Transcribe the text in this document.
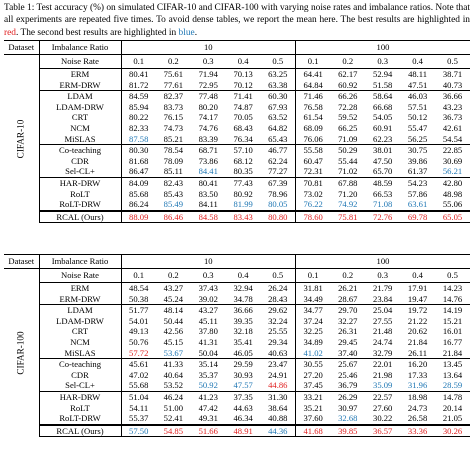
Table 1: Test accuracy (%) on simulated CIFAR-10 and CIFAR-100 with varying noise rates and imbalance ratios. Note that all experiments are repeated five times. To avoid dense tables, we report the mean here. The best results are highlighted in red. The second best results are highlighted in blue.
Dataset	Imbalance Ratio	10					100				

CIFAR-10	Noise Rate	0.1	0.2	0.3	0.4	0.5	0.1	0.2	0.3	0.4	0.5
	ERM	80.41	75.61	71.94	70.13	63.25	64.41	62.17	52.94	48.11	38.71
	ERM-DRW	81.72	77.61	72.95	70.12	63.38	64.84	60.92	51.58	47.51	40.73
	LDAM	84.59	82.37	77.48	71.41	60.30	71.46	66.26	58.64	46.03	36.66
	LDAM-DRW	85.94	83.73	80.20	74.87	67.93	76.58	72.28	66.68	57.51	43.23
	CRT	80.22	76.15	74.17	70.05	63.52	61.54	59.52	54.05	50.12	36.73
	NCM	82.33	74.73	74.76	68.43	64.82	68.09	66.25	60.91	55.47	42.61
	MiSLAS	87.58	85.21	83.39	76.34	65.43	76.06	71.09	62.23	56.25	54.54
	Co-teaching	80.30	78.54	68.71	57.10	46.77	55.58	50.29	38.01	30.75	22.85
	CDR	81.68	78.09	73.86	68.12	62.24	60.47	55.44	47.50	39.86	30.69
	Sel-CL+	86.47	85.11	84.41	80.35	77.27	72.31	71.02	65.70	61.37	56.21
	HAR-DRW	84.09	82.43	80.41	77.43	67.39	70.81	67.88	48.59	54.23	42.80
	RoLT	85.68	85.43	83.50	80.92	78.96	73.02	71.20	66.53	57.86	48.98
	RoLT-DRW	86.24	85.49	84.11	81.99	80.05	76.22	74.92	71.08	63.61	55.06
	RCAL (Ours)	88.09	86.46	84.58	83.43	80.80	78.60	75.81	72.76	69.78	65.05
Dataset	Imbalance Ratio	10					100				

CIFAR-100	Noise Rate	0.1	0.2	0.3	0.4	0.5	0.1	0.2	0.3	0.4	0.5
	ERM	48.54	43.27	37.43	32.94	26.24	31.81	26.21	21.79	17.91	14.23
	ERM-DRW	50.38	45.24	39.02	34.78	28.43	34.49	28.67	23.84	19.47	14.76
	LDAM	51.77	48.14	43.27	36.66	29.62	34.77	29.70	25.04	19.72	14.19
	LDAM-DRW	54.01	50.44	45.11	39.35	32.24	37.24	32.27	27.55	21.22	15.21
	CRT	49.13	42.56	37.80	32.18	25.55	32.25	26.31	21.48	20.62	16.01
	NCM	50.76	45.15	41.31	35.41	29.34	34.89	29.45	24.74	21.84	16.77
	MiSLAS	57.72	53.67	50.04	46.05	40.63	41.02	37.40	32.79	26.11	21.84
	Co-teaching	45.61	41.33	35.14	29.59	23.47	30.55	25.67	22.01	16.20	13.45
	CDR	47.02	40.64	35.37	30.93	24.91	27.20	25.46	21.98	17.33	13.64
	Sel-CL+	55.68	53.52	50.92	47.57	44.86	37.45	36.79	35.09	31.96	28.59
	HAR-DRW	51.04	46.24	41.23	37.35	31.30	33.21	26.29	22.57	18.98	14.78
	RoLT	54.11	51.00	47.42	44.63	38.64	35.21	30.97	27.60	24.73	20.14
	RoLT-DRW	55.37	52.41	49.31	46.34	40.88	37.60	32.68	30.22	26.58	21.05
	RCAL (Ours)	57.50	54.85	51.66	48.91	44.36	41.68	39.85	36.57	33.36	30.26
